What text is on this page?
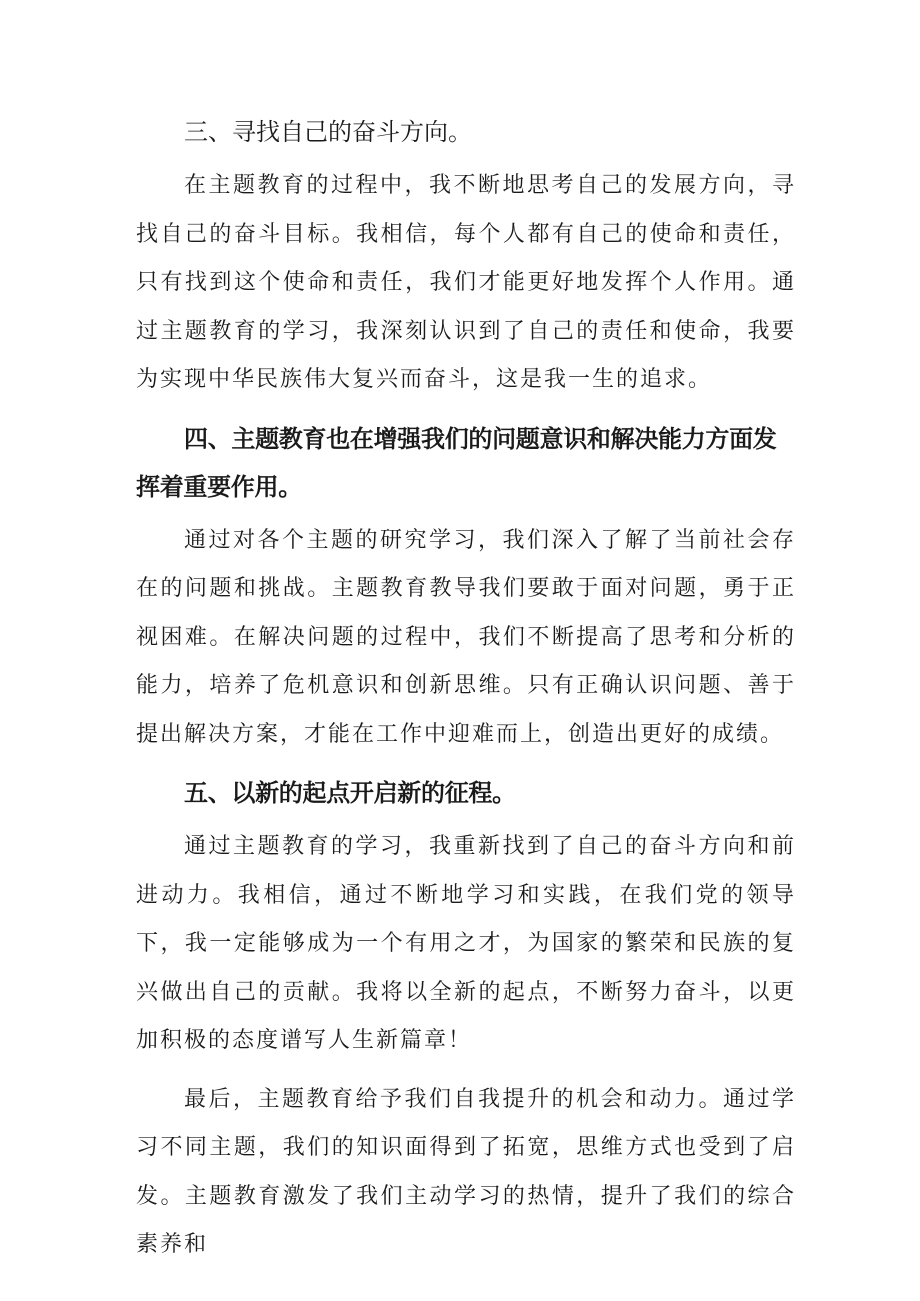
三、寻找自己的奋斗方向。

在主题教育的过程中，我不断地思考自己的发展方向，寻找自己的奋斗目标。我相信，每个人都有自己的使命和责任，只有找到这个使命和责任，我们才能更好地发挥个人作用。通过主题教育的学习，我深刻认识到了自己的责任和使命，我要为实现中华民族伟大复兴而奋斗，这是我一生的追求。

四、主题教育也在增强我们的问题意识和解决能力方面发挥着重要作用。

通过对各个主题的研究学习，我们深入了解了当前社会存在的问题和挑战。主题教育教导我们要敢于面对问题，勇于正视困难。在解决问题的过程中，我们不断提高了思考和分析的能力，培养了危机意识和创新思维。只有正确认识问题、善于提出解决方案，才能在工作中迎难而上，创造出更好的成绩。

五、以新的起点开启新的征程。

通过主题教育的学习，我重新找到了自己的奋斗方向和前进动力。我相信，通过不断地学习和实践，在我们党的领导下，我一定能够成为一个有用之才，为国家的繁荣和民族的复兴做出自己的贡献。我将以全新的起点，不断努力奋斗，以更加积极的态度谱写人生新篇章！

最后，主题教育给予我们自我提升的机会和动力。通过学习不同主题，我们的知识面得到了拓宽，思维方式也受到了启发。主题教育激发了我们主动学习的热情，提升了我们的综合素养和
